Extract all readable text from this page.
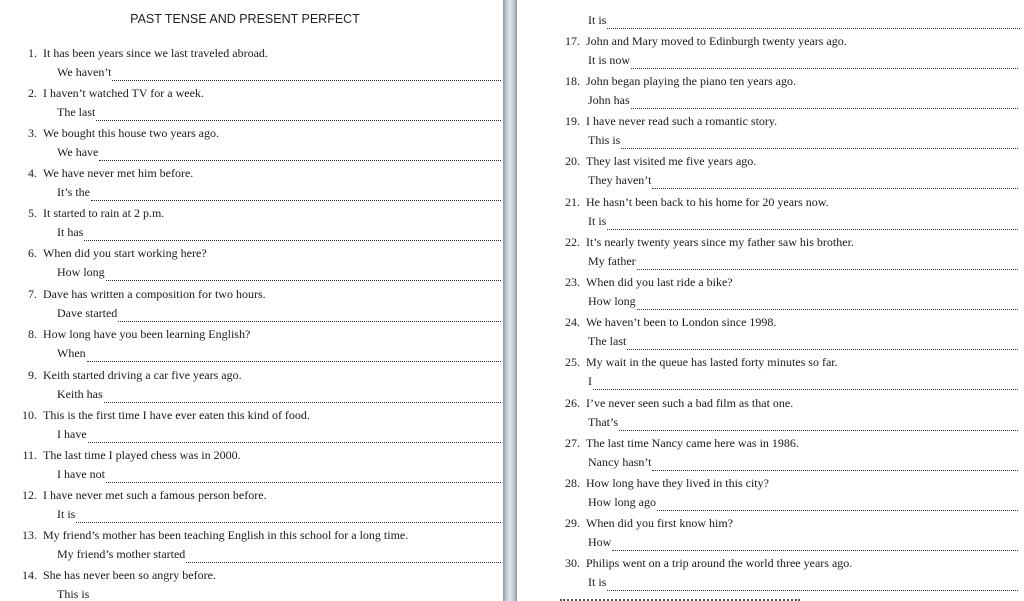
PAST TENSE AND PRESENT PERFECT
1. It has been years since we last traveled abroad.
We haven’t
2. I haven’t watched TV for a week.
The last
3. We bought this house two years ago.
We have
4. We have never met him before.
It’s the
5. It started to rain at 2 p.m.
It has
6. When did you start working here?
How long
7. Dave has written a composition for two hours.
Dave started
8. How long have you been learning English?
When
9. Keith started driving a car five years ago.
Keith has
10. This is the first time I have ever eaten this kind of food.
I have
11. The last time I played chess was in 2000.
I have not
12. I have never met such a famous person before.
It is
13. My friend’s mother has been teaching English in this school for a long time.
My friend’s mother started
14. She has never been so angry before.
This is
It is
17. John and Mary moved to Edinburgh twenty years ago.
It is now
18. John began playing the piano ten years ago.
John has
19. I have never read such a romantic story.
This is
20. They last visited me five years ago.
They haven’t
21. He hasn’t been back to his home for 20 years now.
It is
22. It’s nearly twenty years since my father saw his brother.
My father
23. When did you last ride a bike?
How long
24. We haven’t been to London since 1998.
The last
25. My wait in the queue has lasted forty minutes so far.
I
26. I’ve never seen such a bad film as that one.
That’s
27. The last time Nancy came here was in 1986.
Nancy hasn’t
28. How long have they lived in this city?
How long ago
29. When did you first know him?
How
30. Philips went on a trip around the world three years ago.
It is
